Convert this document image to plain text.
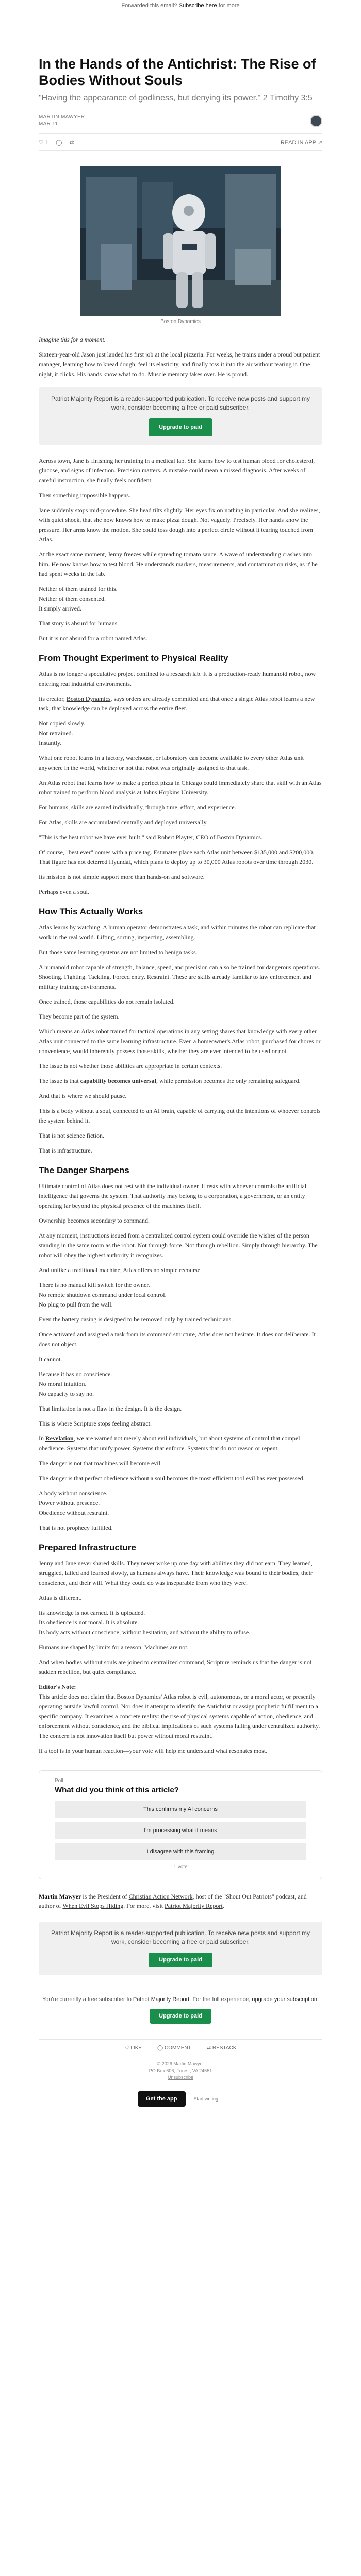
Forwarded this email? Subscribe here for more
In the Hands of the Antichrist: The Rise of Bodies Without Souls
"Having the appearance of godliness, but denying its power." 2 Timothy 3:5
MARTIN MAWYER
MAR 11
♡ 1 ◯ ⇄	READ IN APP ↗
Boston Dynamics

Imagine this for a moment.

Sixteen-year-old Jason just landed his first job at the local pizzeria. For weeks, he trains under a proud but patient manager, learning how to knead dough, feel its elasticity, and finally toss it into the air without tearing it. One night, it clicks. His hands know what to do. Muscle memory takes over. He is proud.

Patriot Majority Report is a reader-supported publication. To receive new posts and support my work, consider becoming a free or paid subscriber.
Upgrade to paid

Across town, Jane is finishing her training in a medical lab. She learns how to test human blood for cholesterol, glucose, and signs of infection. Precision matters. A mistake could mean a missed diagnosis. After weeks of careful instruction, she finally feels confident.

Then something impossible happens.

Jane suddenly stops mid-procedure. She head tilts slightly. Her eyes fix on nothing in particular. And she realizes, with quiet shock, that she now knows how to make pizza dough. Not vaguely. Precisely. Her hands know the pressure. Her arms know the motion. She could toss dough into a perfect circle without it tearing touched from Atlas.

At the exact same moment, Jenny freezes while spreading tomato sauce. A wave of understanding crashes into him. He now knows how to test blood. He understands markers, measurements, and contamination risks, as if he had spent weeks in the lab.

Neither of them trained for this.

Neither of them consented.

It simply arrived.

That story is absurd for humans.

But it is not absurd for a robot named Atlas.

From Thought Experiment to Physical Reality

Atlas is no longer a speculative project confined to a research lab. It is a production-ready humanoid robot, now entering real industrial environments.

Its creator, Boston Dynamics, says orders are already committed and that once a single Atlas robot learns a new task, that knowledge can be deployed across the entire fleet.

Not copied slowly.

Not retrained.

Instantly.

What one robot learns in a factory, warehouse, or laboratory can become available to every other Atlas unit anywhere in the world, whether or not that robot was originally assigned to that task.

An Atlas robot that learns how to make a perfect pizza in Chicago could immediately share that skill with an Atlas robot trained to perform blood analysis at Johns Hopkins University.

For humans, skills are earned individually, through time, effort, and experience.

For Atlas, skills are accumulated centrally and deployed universally.

"This is the best robot we have ever built," said Robert Playter, CEO of Boston Dynamics.

Of course, "best ever" comes with a price tag. Estimates place each Atlas unit between $135,000 and $200,000. That figure has not deterred Hyundai, which plans to deploy up to 30,000 Atlas robots over time through 2030.

Its mission is not simple support more than hands-on and software.

Perhaps even a soul.

How This Actually Works

Atlas learns by watching. A human operator demonstrates a task, and within minutes the robot can replicate that work in the real world. Lifting, sorting, inspecting, assembling.

But those same learning systems are not limited to benign tasks.

A humanoid robot capable of strength, balance, speed, and precision can also be trained for dangerous operations. Shooting. Fighting. Tackling. Forced entry. Restraint. These are skills already familiar to law enforcement and military training environments.

Once trained, those capabilities do not remain isolated.

They become part of the system.

Which means an Atlas robot trained for tactical operations in any setting shares that knowledge with every other Atlas unit connected to the same learning infrastructure. Even a homeowner's Atlas robot, purchased for chores or convenience, would inherently possess those skills, whether they are ever intended to be used or not.

The issue is not whether those abilities are appropriate in certain contexts.

The issue is that capability becomes universal, while permission becomes the only remaining safeguard.

And that is where we should pause.

This is a body without a soul, connected to an AI brain, capable of carrying out the intentions of whoever controls the system behind it.

That is not science fiction.

That is infrastructure.

The Danger Sharpens

Ultimate control of Atlas does not rest with the individual owner. It rests with whoever controls the artificial intelligence that governs the system. That authority may belong to a corporation, a government, or an entity operating far beyond the physical presence of the machines itself.

Ownership becomes secondary to command.

At any moment, instructions issued from a centralized control system could override the wishes of the person standing in the same room as the robot. Not through force. Not through rebellion. Simply through hierarchy. The robot will obey the highest authority it recognizes.

And unlike a traditional machine, Atlas offers no simple recourse.

There is no manual kill switch for the owner.

No remote shutdown command under local control.

No plug to pull from the wall.

Even the battery casing is designed to be removed only by trained technicians.

Once activated and assigned a task from its command structure, Atlas does not hesitate. It does not deliberate. It does not object.

It cannot.

Because it has no conscience.

No moral intuition.

No capacity to say no.

That limitation is not a flaw in the design. It is the design.

This is where Scripture stops feeling abstract.

In Revelation, we are warned not merely about evil individuals, but about systems of control that compel obedience. Systems that unify power. Systems that enforce. Systems that do not reason or repent.

The danger is not that machines will become evil.

The danger is that perfect obedience without a soul becomes the most efficient tool evil has ever possessed.

A body without conscience.

Power without presence.

Obedience without restraint.

That is not prophecy fulfilled.

Prepared Infrastructure

Jenny and Jane never shared skills. They never woke up one day with abilities they did not earn. They learned, struggled, failed and learned slowly, as humans always have. Their knowledge was bound to their bodies, their conscience, and their will. What they could do was inseparable from who they were.

Atlas is different.

Its knowledge is not earned. It is uploaded.

Its obedience is not moral. It is absolute.

Its body acts without conscience, without hesitation, and without the ability to refuse.

Humans are shaped by limits for a reason. Machines are not.

And when bodies without souls are joined to centralized command, Scripture reminds us that the danger is not sudden rebellion, but quiet compliance.

Editor's Note:

This article does not claim that Boston Dynamics' Atlas robot is evil, autonomous, or a moral actor, or presently operating outside lawful control. Nor does it attempt to identify the Antichrist or assign prophetic fulfillment to a specific company. It examines a concrete reality: the rise of physical systems capable of action, obedience, and enforcement without conscience, and the biblical implications of such systems falling under centralized authority. The concern is not innovation itself but power without moral restraint.

If a tool is in your human reaction—your vote will help me understand what resonates most.

Poll
What did you think of this article?
This confirms my AI concerns
I'm processing what it means
I disagree with this framing
1 vote

Martin Mawyer is the President of Christian Action Network, host of the "Shout Out Patriots" podcast, and author of When Evil Stops Hiding. For more, visit Patriot Majority Report.

Patriot Majority Report is a reader-supported publication. To receive new posts and support my work, consider becoming a free or paid subscriber.
Upgrade to paid
You're currently a free subscriber to Patriot Majority Report. For the full experience, upgrade your subscription.
Upgrade to paid
♡ LIKE	◯ COMMENT	⇄ RESTACK
© 2026 Martin Mawyer
PO Box 606, Forest, VA 24551
Unsubscribe
Get the app	Start writing
